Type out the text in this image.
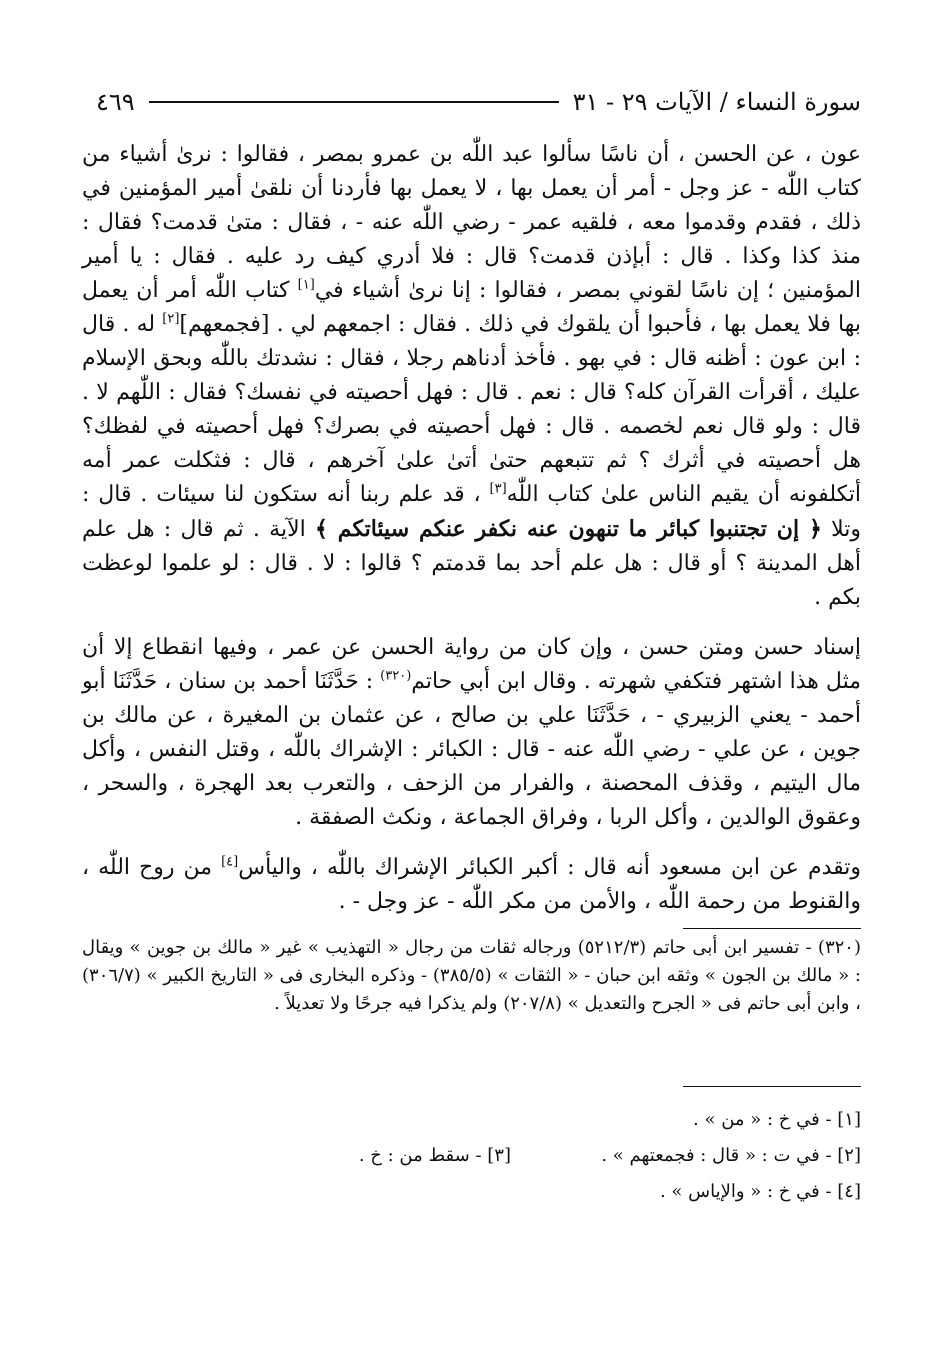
سورة النساء / الآيات ٢٩ - ٣١
٤٦٩

عون ، عن الحسن ، أن ناسًا سألوا عبد اللّٰه بن عمرو بمصر ، فقالوا : نرىٰ أشياء من كتاب اللّٰه - عز وجل - أمر أن يعمل بها ، لا يعمل بها فأردنا أن نلقىٰ أمير المؤمنين في ذلك ، فقدم وقدموا معه ، فلقيه عمر - رضي اللّٰه عنه - ، فقال : متىٰ قدمت؟ فقال : منذ كذا وكذا . قال : أبإذن قدمت؟ قال : فلا أدري كيف رد عليه . فقال : يا أمير المؤمنين ؛ إن ناسًا لقوني بمصر ، فقالوا : إنا نرىٰ أشياء في[١] كتاب اللّٰه أمر أن يعمل بها فلا يعمل بها ، فأحبوا أن يلقوك في ذلك . فقال : اجمعهم لي . [فجمعهم][٢] له . قال : ابن عون : أظنه قال : في بهو . فأخذ أدناهم رجلا ، فقال : نشدتك باللّٰه وبحق الإسلام عليك ، أقرأت القرآن كله؟ قال : نعم . قال : فهل أحصيته في نفسك؟ فقال : اللّٰهم لا . قال : ولو قال نعم لخصمه . قال : فهل أحصيته في بصرك؟ فهل أحصيته في لفظك؟ هل أحصيته في أثرك ؟ ثم تتبعهم حتىٰ أتىٰ علىٰ آخرهم ، قال : فثكلت عمر أمه أتكلفونه أن يقيم الناس علىٰ كتاب اللّٰه[٣] ، قد علم ربنا أنه ستكون لنا سيئات . قال : وتلا ﴿ إن تجتنبوا كبائر ما تنهون عنه نكفر عنكم سيئاتكم ﴾ الآية . ثم قال : هل علم أهل المدينة ؟ أو قال : هل علم أحد بما قدمتم ؟ قالوا : لا . قال : لو علموا لوعظت بكم .

إسناد حسن ومتن حسن ، وإن كان من رواية الحسن عن عمر ، وفيها انقطاع إلا أن مثل هذا اشتهر فتكفي شهرته . وقال ابن أبي حاتم$^{(٣٢٠)}$ : حَدَّثَنَا أحمد بن سنان ، حَدَّثَنَا أبو أحمد - يعني الزبيري - ، حَدَّثَنَا علي بن صالح ، عن عثمان بن المغيرة ، عن مالك بن جوين ، عن علي - رضي اللّٰه عنه - قال : الكبائر : الإشراك باللّٰه ، وقتل النفس ، وأكل مال اليتيم ، وقذف المحصنة ، والفرار من الزحف ، والتعرب بعد الهجرة ، والسحر ، وعقوق الوالدين ، وأكل الربا ، وفراق الجماعة ، ونكث الصفقة .

وتقدم عن ابن مسعود أنه قال : أكبر الكبائر الإشراك باللّٰه ، واليأس[٤] من روح اللّٰه ، والقنوط من رحمة اللّٰه ، والأمن من مكر اللّٰه - عز وجل - .

(٣٢٠) - تفسير ابن أبى حاتم (٥٢١٢/٣) ورجاله ثقات من رجال « التهذيب » غير « مالك بن جوين » ويقال : « مالك بن الجون » وثقه ابن حبان - « الثقات » (٣٨٥/٥) - وذكره البخارى فى « التاريخ الكبير » (٣٠٦/٧) ، وابن أبى حاتم فى « الجرح والتعديل » (٢٠٧/٨) ولم يذكرا فيه جرحًا ولا تعديلاً .

[١] - في خ : « من » .
[٢] - في ت : « قال : فجمعتهم » .
[٣] - سقط من : خ .
[٤] - في خ : « والإياس » .
